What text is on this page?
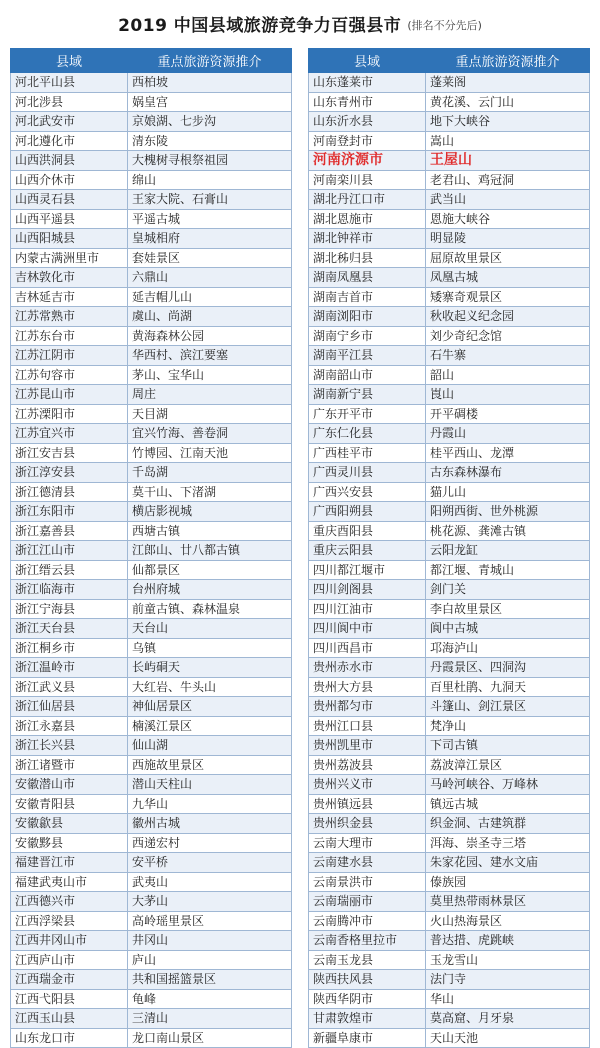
2019 中国县域旅游竞争力百强县市 (排名不分先后)
县域	重点旅游资源推介
河北平山县	西柏坡
河北涉县	娲皇宫
河北武安市	京娘湖、七步沟
河北遵化市	清东陵
山西洪洞县	大槐树寻根祭祖园
山西介休市	绵山
山西灵石县	王家大院、石膏山
山西平遥县	平遥古城
山西阳城县	皇城相府
内蒙古满洲里市	套娃景区
吉林敦化市	六鼎山
吉林延吉市	延吉帽儿山
江苏常熟市	虞山、尚湖
江苏东台市	黄海森林公园
江苏江阴市	华西村、滨江要塞
江苏句容市	茅山、宝华山
江苏昆山市	周庄
江苏溧阳市	天目湖
江苏宜兴市	宜兴竹海、善卷洞
浙江安吉县	竹博园、江南天池
浙江淳安县	千岛湖
浙江德清县	莫干山、下渚湖
浙江东阳市	横店影视城
浙江嘉善县	西塘古镇
浙江江山市	江郎山、廿八都古镇
浙江缙云县	仙都景区
浙江临海市	台州府城
浙江宁海县	前童古镇、森林温泉
浙江天台县	天台山
浙江桐乡市	乌镇
浙江温岭市	长屿硐天
浙江武义县	大红岩、牛头山
浙江仙居县	神仙居景区
浙江永嘉县	楠溪江景区
浙江长兴县	仙山湖
浙江诸暨市	西施故里景区
安徽潜山市	潜山天柱山
安徽青阳县	九华山
安徽歙县	徽州古城
安徽黟县	西递宏村
福建晋江市	安平桥
福建武夷山市	武夷山
江西德兴市	大茅山
江西浮梁县	高岭瑶里景区
江西井冈山市	井冈山
江西庐山市	庐山
江西瑞金市	共和国摇篮景区
江西弋阳县	龟峰
江西玉山县	三清山
山东龙口市	龙口南山景区
县域	重点旅游资源推介
山东蓬莱市	蓬莱阁
山东青州市	黄花溪、云门山
山东沂水县	地下大峡谷
河南登封市	嵩山
河南济源市	王屋山
河南栾川县	老君山、鸡冠洞
湖北丹江口市	武当山
湖北恩施市	恩施大峡谷
湖北钟祥市	明显陵
湖北秭归县	屈原故里景区
湖南凤凰县	凤凰古城
湖南吉首市	矮寨奇观景区
湖南浏阳市	秋收起义纪念园
湖南宁乡市	刘少奇纪念馆
湖南平江县	石牛寨
湖南韶山市	韶山
湖南新宁县	崀山
广东开平市	开平碉楼
广东仁化县	丹霞山
广西桂平市	桂平西山、龙潭
广西灵川县	古东森林瀑布
广西兴安县	猫儿山
广西阳朔县	阳朔西街、世外桃源
重庆酉阳县	桃花源、龚滩古镇
重庆云阳县	云阳龙缸
四川都江堰市	都江堰、青城山
四川剑阁县	剑门关
四川江油市	李白故里景区
四川阆中市	阆中古城
四川西昌市	邛海泸山
贵州赤水市	丹霞景区、四洞沟
贵州大方县	百里杜鹃、九洞天
贵州都匀市	斗篷山、剑江景区
贵州江口县	梵净山
贵州凯里市	下司古镇
贵州荔波县	荔波漳江景区
贵州兴义市	马岭河峡谷、万峰林
贵州镇远县	镇远古城
贵州织金县	织金洞、古建筑群
云南大理市	洱海、崇圣寺三塔
云南建水县	朱家花园、建水文庙
云南景洪市	傣族园
云南瑞丽市	莫里热带雨林景区
云南腾冲市	火山热海景区
云南香格里拉市	普达措、虎跳峡
云南玉龙县	玉龙雪山
陕西扶风县	法门寺
陕西华阴市	华山
甘肃敦煌市	莫高窟、月牙泉
新疆阜康市	天山天池
